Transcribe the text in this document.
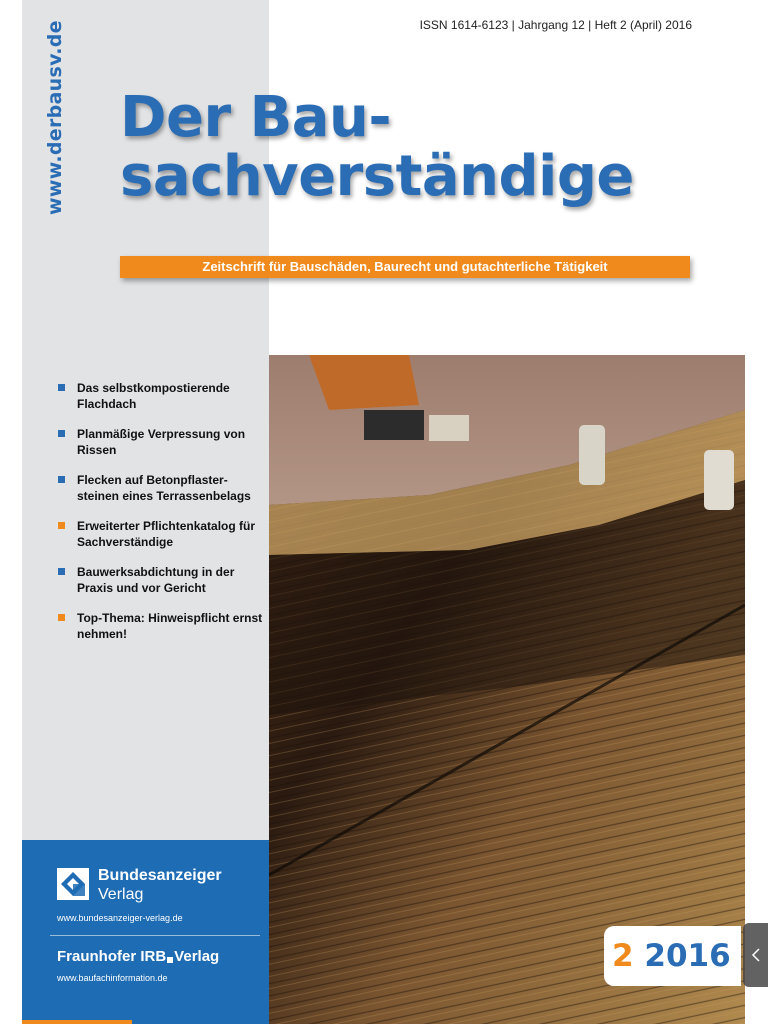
www.derbausv.de	ISSN 1614-6123 | Jahrgang 12 | Heft 2 (April) 2016
Der Bau-
sachverständige
Zeitschrift für Bauschäden, Baurecht und gutachterliche Tätigkeit
Das selbstkompostierende Flachdach
Planmäßige Verpressung von Rissen
Flecken auf Betonpflastersteinen eines Terrassenbelags
Erweiterter Pflichtenkatalog für Sachverständige
Bauwerksabdichtung in der Praxis und vor Gericht
Top-Thema: Hinweispflicht ernst nehmen!
Bundesanzeiger
Verlag
www.bundesanzeiger-verlag.de
Fraunhofer IRB Verlag
www.baufachinformation.de
2 2016
